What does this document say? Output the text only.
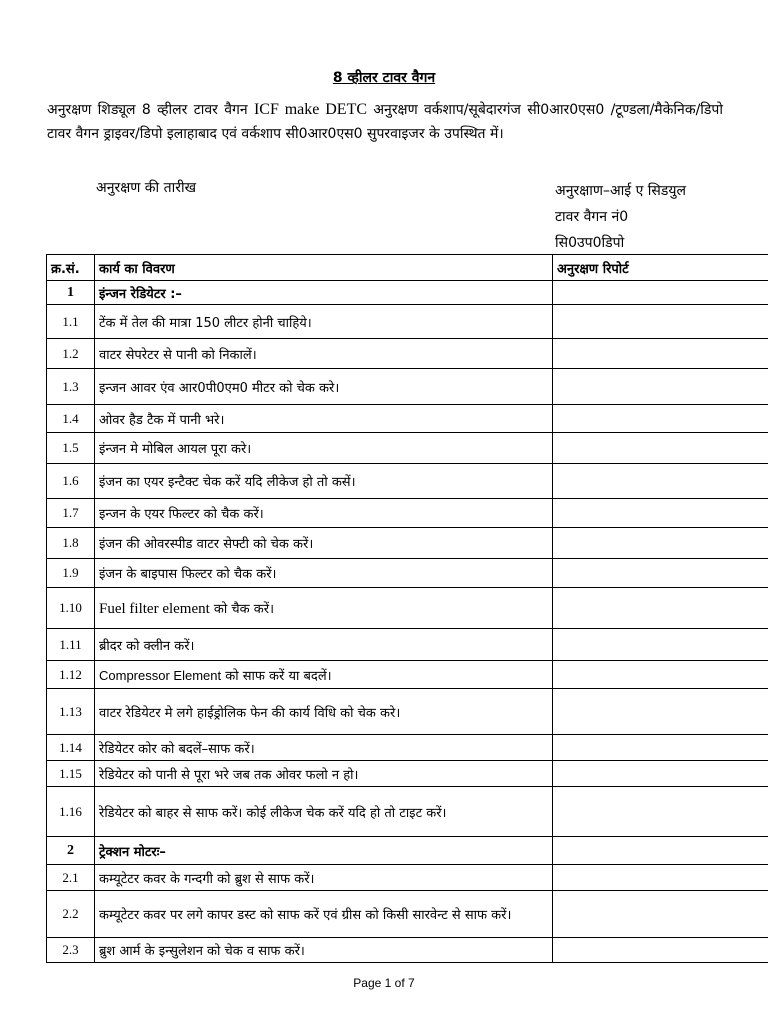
8 व्हीलर टावर वैगन
अनुरक्षण शिड्यूल 8 व्हीलर टावर वैगन ICF make DETC अनुरक्षण वर्कशाप/सूबेदारगंज सी0आर0एस0 /टूण्डला/मैकेनिक/डिपो टावर वैगन ड्राइवर/डिपो इलाहाबाद एवं वर्कशाप सी0आर0एस0 सुपरवाइजर के उपस्थित में।
अनुरक्षण की तारीख	अनुरक्षाण–आई ए सिडयुल
टावर वैगन नं0
सि0उप0डिपो
क्र.सं.	कार्य का विवरण	अनुरक्षण रिपोर्ट
1	इंन्जन रेडियेटर :–	
1.1	टेंक में तेल की मात्रा 150 लीटर होनी चाहिये।	
1.2	वाटर सेपरेटर से पानी को निकालें।	
1.3	इन्जन आवर एंव आर0पी0एम0 मीटर को चेक करे।	
1.4	ओवर हैड टैक में पानी भरे।	
1.5	इंन्जन मे मोबिल आयल पूरा करे।	
1.6	इंजन का एयर इन्टैक्ट चेक करें यदि लीकेज हो तो कसें।	
1.7	इन्जन के एयर फिल्टर को चैक करें।	
1.8	इंजन की ओवरस्पीड वाटर सेफ्टी को चेक करें।	
1.9	इंजन के बाइपास फिल्टर को चैक करें।	
1.10	Fuel filter element को चैक करें।	
1.11	ब्रीदर को क्लीन करें।	
1.12	Compressor Element को साफ करें या बदलें।	
1.13	वाटर रेडियेटर मे लगे हाईड्रोलिक फेन की कार्य विधि को चेक करे।	
1.14	रेडियेटर कोर को बदलें–साफ करें।	
1.15	रेडियेटर को पानी से पूरा भरे जब तक ओवर फलो न हो।	
1.16	रेडियेटर को बाहर से साफ करें। कोई लीकेज चेक करें यदि हो तो टाइट करें।	
2	ट्रेक्शन मोटरः–	
2.1	कम्यूटेटर कवर के गन्दगी को ब्रुश से साफ करें।	
2.2	कम्यूटेटर कवर पर लगे कापर डस्ट को साफ करें एवं ग्रीस को किसी सारवेन्ट से साफ करें।	
2.3	ब्रुश आर्म के इन्सुलेशन को चेक व साफ करें।	
Page 1 of 7
